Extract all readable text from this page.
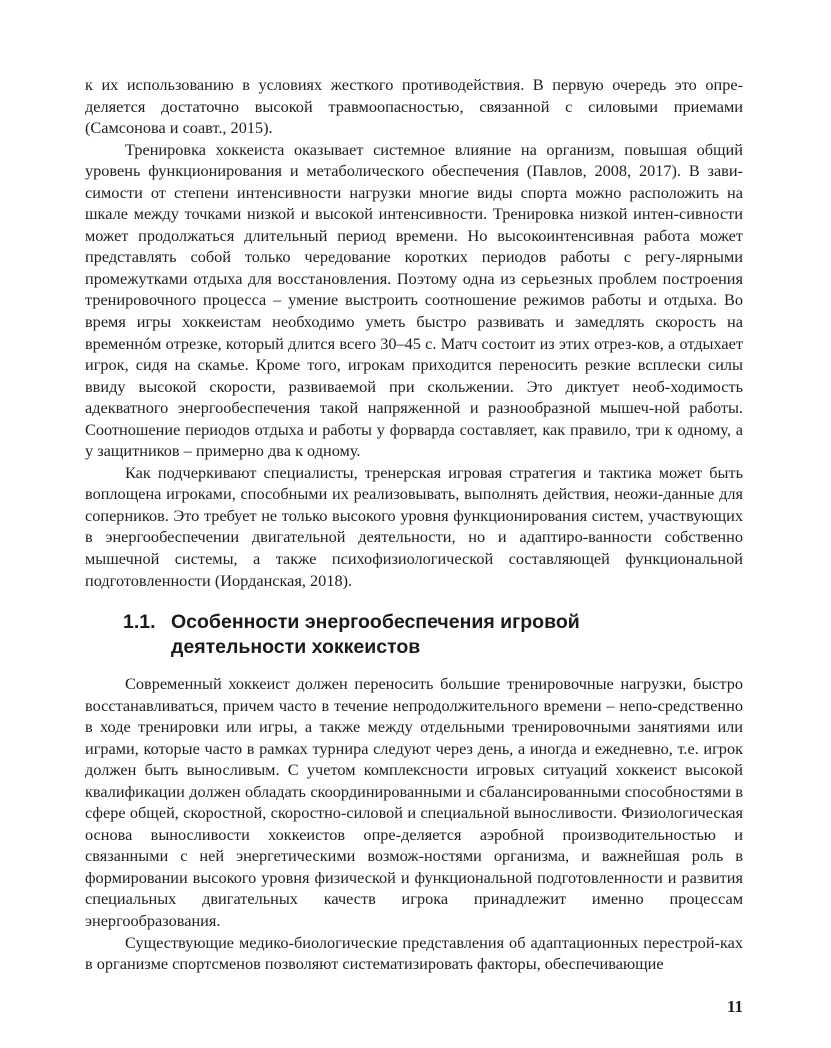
к их использованию в условиях жесткого противодействия. В первую очередь это опре-деляется достаточно высокой травмоопасностью, связанной с силовыми приемами (Самсонова и соавт., 2015).

Тренировка хоккеиста оказывает системное влияние на организм, повышая общий уровень функционирования и метаболического обеспечения (Павлов, 2008, 2017). В зави-симости от степени интенсивности нагрузки многие виды спорта можно расположить на шкале между точками низкой и высокой интенсивности. Тренировка низкой интен-сивности может продолжаться длительный период времени. Но высокоинтенсивная работа может представлять собой только чередование коротких периодов работы с регу-лярными промежутками отдыха для восстановления. Поэтому одна из серьезных проблем построения тренировочного процесса – умение выстроить соотношение режимов работы и отдыха. Во время игры хоккеистам необходимо уметь быстро развивать и замедлять скорость на временнóм отрезке, который длится всего 30–45 с. Матч состоит из этих отрез-ков, а отдыхает игрок, сидя на скамье. Кроме того, игрокам приходится переносить резкие всплески силы ввиду высокой скорости, развиваемой при скольжении. Это диктует необ-ходимость адекватного энергообеспечения такой напряженной и разнообразной мышеч-ной работы. Соотношение периодов отдыха и работы у форварда составляет, как правило, три к одному, а у защитников – примерно два к одному.

Как подчеркивают специалисты, тренерская игровая стратегия и тактика может быть воплощена игроками, способными их реализовывать, выполнять действия, неожи-данные для соперников. Это требует не только высокого уровня функционирования систем, участвующих в энергообеспечении двигательной деятельности, но и адаптиро-ванности собственно мышечной системы, а также психофизиологической составляющей функциональной подготовленности (Иорданская, 2018).

1.1. Особенности энергообеспечения игровой
деятельности хоккеистов

Современный хоккеист должен переносить большие тренировочные нагрузки, быстро восстанавливаться, причем часто в течение непродолжительного времени – непо-средственно в ходе тренировки или игры, а также между отдельными тренировочными занятиями или играми, которые часто в рамках турнира следуют через день, а иногда и ежедневно, т.е. игрок должен быть выносливым. С учетом комплексности игровых ситуаций хоккеист высокой квалификации должен обладать скоординированными и сбалансированными способностями в сфере общей, скоростной, скоростно-силовой и специальной выносливости. Физиологическая основа выносливости хоккеистов опре-деляется аэробной производительностью и связанными с ней энергетическими возмож-ностями организма, и важнейшая роль в формировании высокого уровня физической и функциональной подготовленности и развития специальных двигательных качеств игрока принадлежит именно процессам энергообразования.

Существующие медико-биологические представления об адаптационных перестрой-ках в организме спортсменов позволяют систематизировать факторы, обеспечивающие

11
